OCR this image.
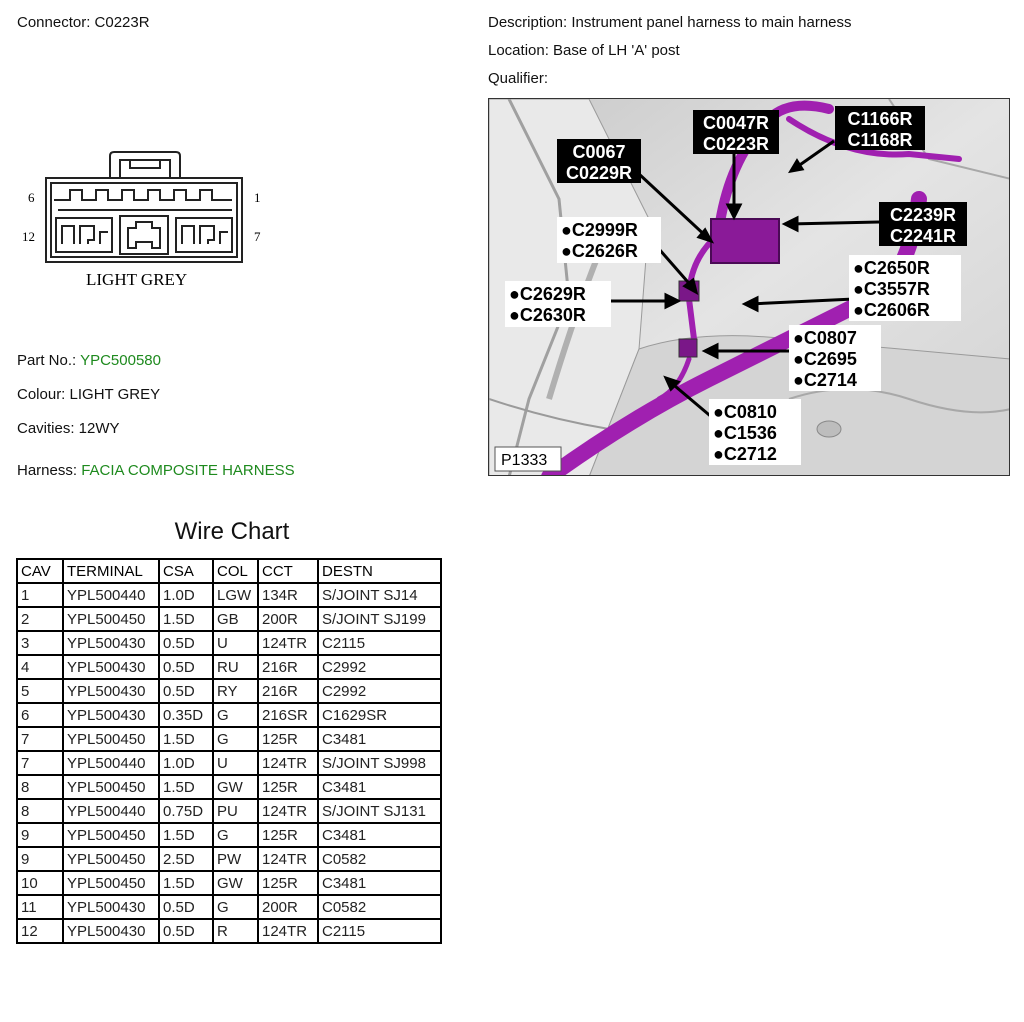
Connector: C0223R	Description: Instrument panel harness to main harness
Location: Base of LH 'A' post
Qualifier:
6
12
1
7
LIGHT GREY
Part No.: YPC500580
Colour: LIGHT GREY
Cavities: 12WY
Harness: FACIA COMPOSITE HARNESS
C0067
C0229R
C0047R
C0223R
C1166R
C1168R
C2239R
C2241R
●C2999R
●C2626R
●C2629R
●C2630R
●C2650R
●C3557R
●C2606R
●C0807
●C2695
●C2714
●C0810
●C1536
●C2712
P1333
Wire Chart
CAV	TERMINAL	CSA	COL	CCT	DESTN
1	YPL500440	1.0D	LGW	134R	S/JOINT SJ14
2	YPL500450	1.5D	GB	200R	S/JOINT SJ199
3	YPL500430	0.5D	U	124TR	C2115
4	YPL500430	0.5D	RU	216R	C2992
5	YPL500430	0.5D	RY	216R	C2992
6	YPL500430	0.35D	G	216SR	C1629SR
7	YPL500450	1.5D	G	125R	C3481
7	YPL500440	1.0D	U	124TR	S/JOINT SJ998
8	YPL500450	1.5D	GW	125R	C3481
8	YPL500440	0.75D	PU	124TR	S/JOINT SJ131
9	YPL500450	1.5D	G	125R	C3481
9	YPL500450	2.5D	PW	124TR	C0582
10	YPL500450	1.5D	GW	125R	C3481
11	YPL500430	0.5D	G	200R	C0582
12	YPL500430	0.5D	R	124TR	C2115
